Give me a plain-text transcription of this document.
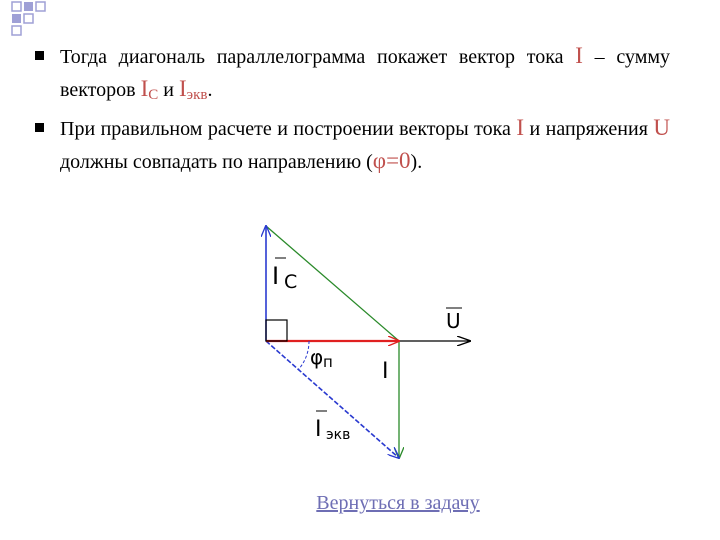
Тогда диагональ параллелограмма покажет вектор тока I – сумму векторов $I_C$ и $I_{экв}$.
При правильном расчете и построении векторы тока I и напряжения U должны совпадать по направлению (φ=0).
I C
U
φ п I
I экв
Вернуться в задачу
